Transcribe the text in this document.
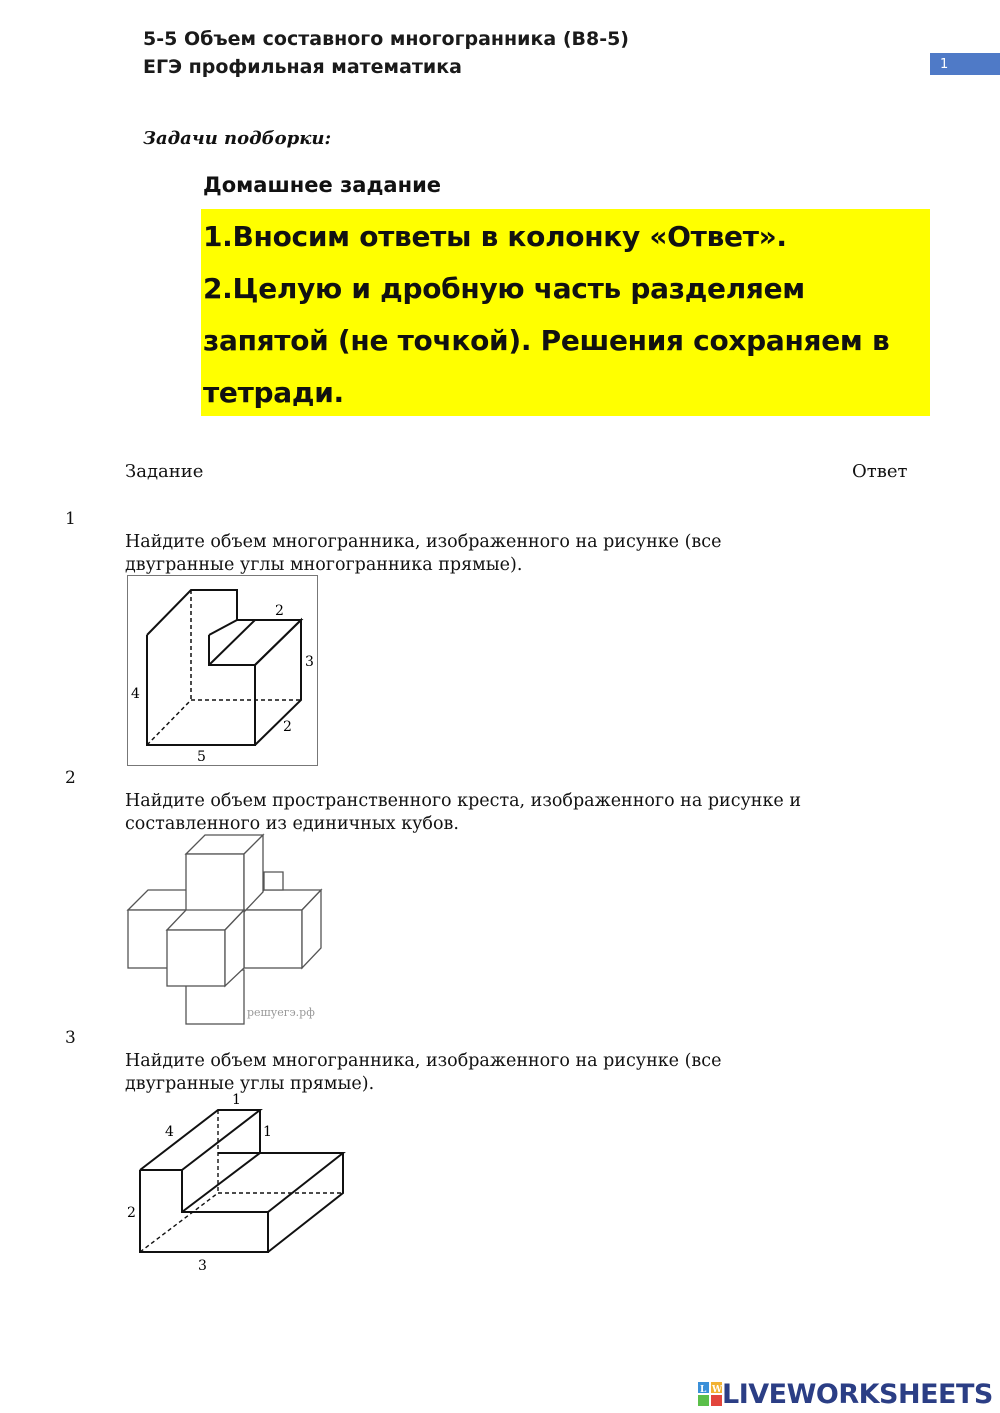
5-5 Объем составного многогранника (B8-5)
ЕГЭ профильная математика	1
Задачи подборки:
Домашнее задание
1.Вносим ответы в колонку «Ответ».
2.Целую и дробную часть разделяем
запятой (не точкой). Решения сохраняем в
тетради.
Задание	Ответ
1
Найдите объем многогранника, изображенного на рисунке (все
двугранные углы многогранника прямые).
2
3
2
4
5
2
Найдите объем пространственного креста, изображенного на рисунке и
составленного из единичных кубов.
решуегэ.рф
3
Найдите объем многогранника, изображенного на рисунке (все
двугранные углы прямые).
1
4	1
2
3
L W LIVEWORKSHEETS
